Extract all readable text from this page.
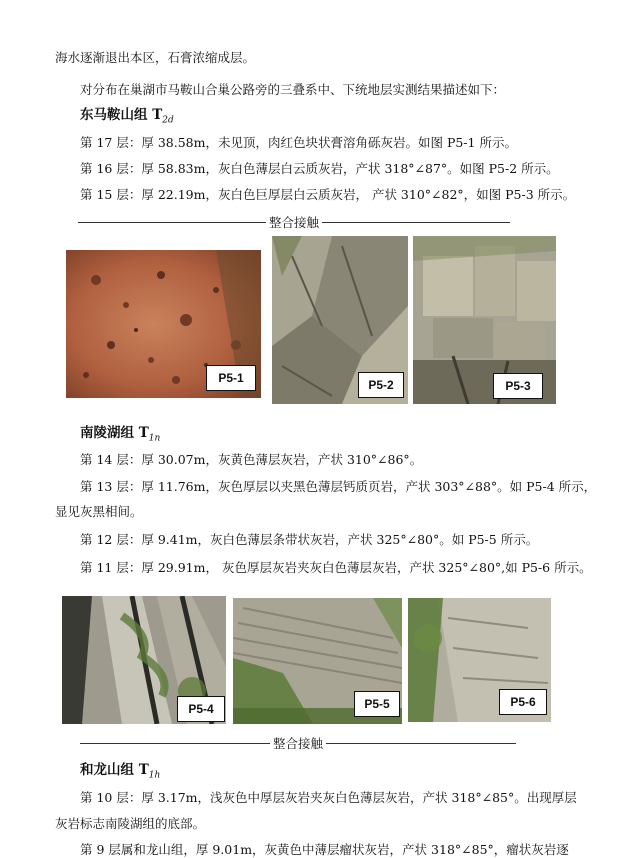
海水逐渐退出本区，石膏浓缩成层。
对分布在巢湖市马鞍山合巢公路旁的三叠系中、下统地层实测结果描述如下：
东马鞍山组 $T_{2d}$
第 17 层：厚 38.58m，未见顶，肉红色块状膏溶角砾灰岩。如图 P5-1 所示。
第 16 层：厚 58.83m，灰白色薄层白云质灰岩，产状 318°∠87°。如图 P5-2 所示。
第 15 层：厚 22.19m，灰白色巨厚层白云质灰岩， 产状 310°∠82°，如图 P5-3 所示。
整合接触
P5-1	P5-2	P5-3
南陵湖组 $T_{1n}$
第 14 层：厚 30.07m，灰黄色薄层灰岩，产状 310°∠86°。
第 13 层：厚 11.76m，灰色厚层以夹黑色薄层钙质页岩，产状 303°∠88°。如 P5-4 所示，
显见灰黑相间。
第 12 层：厚 9.41m，灰白色薄层条带状灰岩，产状 325°∠80°。如 P5-5 所示。
第 11 层：厚 29.91m， 灰色厚层灰岩夹灰白色薄层灰岩，产状 325°∠80°,如 P5-6 所示。
P5-4	P5-5	P5-6
整合接触
和龙山组 $T_{1h}$
第 10 层：厚 3.17m，浅灰色中厚层灰岩夹灰白色薄层灰岩，产状 318°∠85°。出现厚层
灰岩标志南陵湖组的底部。
第 9 层属和龙山组，厚 9.01m，灰黄色中薄层瘤状灰岩，产状 318°∠85°，瘤状灰岩逐
